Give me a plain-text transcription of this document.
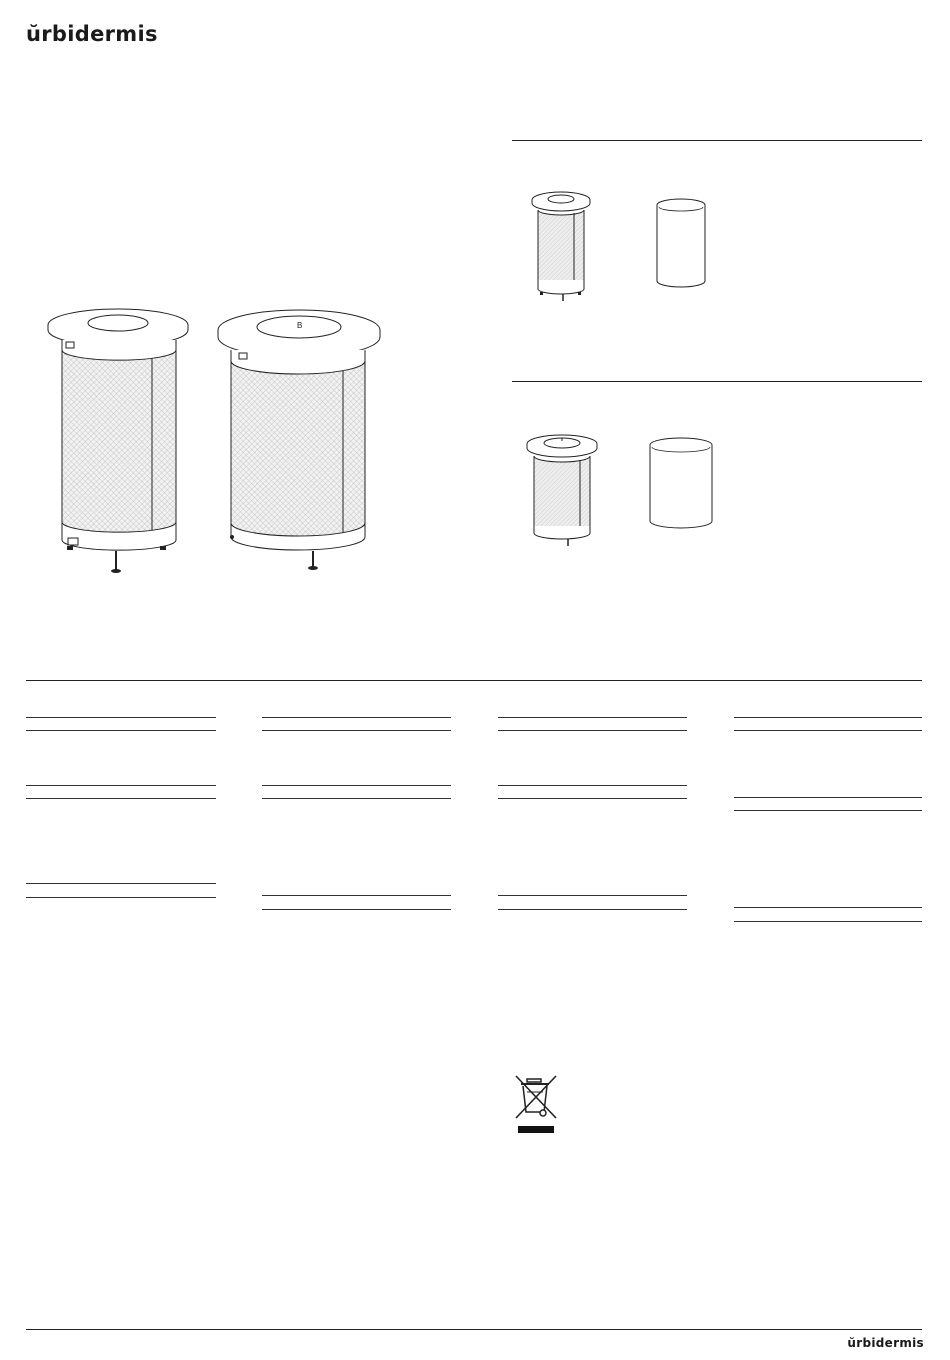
ŭrbidermis
B
ŭrbidermis
